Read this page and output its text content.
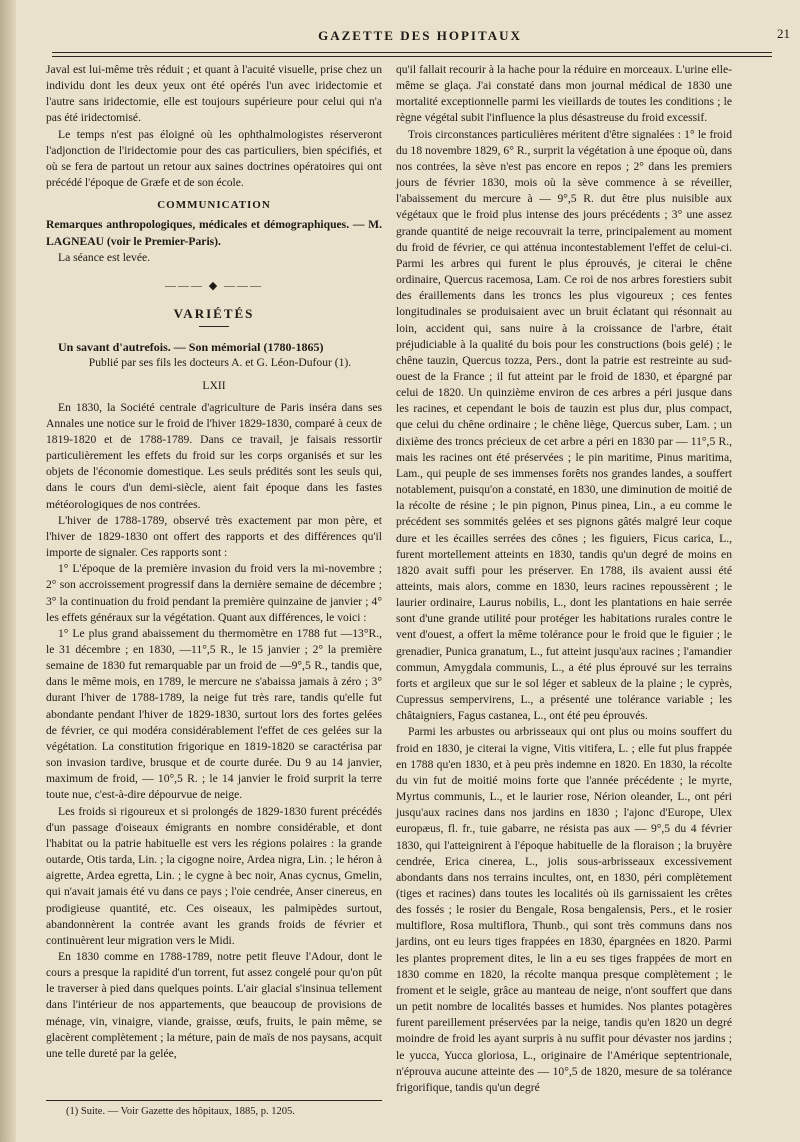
GAZETTE DES HOPITAUX	21

Javal est lui-même très réduit ; et quant à l'acuité visuelle, prise chez un individu dont les deux yeux ont été opérés l'un avec iridectomie et l'autre sans iridectomie, elle est toujours supérieure pour celui qui n'a pas été iridectomisé.

Le temps n'est pas éloigné où les ophthalmologistes réserveront l'adjonction de l'iridectomie pour des cas particuliers, bien spécifiés, et où se fera de partout un retour aux saines doctrines opératoires qui ont précédé l'époque de Græfe et de son école.

COMMUNICATION

Remarques anthropologiques, médicales et démographiques. — M. LAGNEAU (voir le Premier-Paris).

La séance est levée.

——— ◆ ———
VARIÉTÉS

Un savant d'autrefois. — Son mémorial (1780-1865)

Publié par ses fils les docteurs A. et G. Léon-Dufour (1).

LXII

En 1830, la Société centrale d'agriculture de Paris inséra dans ses Annales une notice sur le froid de l'hiver 1829-1830, comparé à ceux de 1819-1820 et de 1788-1789. Dans ce travail, je faisais ressortir particulièrement les effets du froid sur les corps organisés et sur les objets de l'économie domestique. Les seuls prédités sont les seuls qui, dans le cours d'un demi-siècle, aient fait époque dans les fastes météorologiques de nos contrées.

L'hiver de 1788-1789, observé très exactement par mon père, et l'hiver de 1829-1830 ont offert des rapports et des différences qu'il importe de signaler. Ces rapports sont :

1° L'époque de la première invasion du froid vers la mi-novembre ; 2° son accroissement progressif dans la dernière semaine de décembre ; 3° la continuation du froid pendant la première quinzaine de janvier ; 4° les effets généraux sur la végétation. Quant aux différences, le voici :

1° Le plus grand abaissement du thermomètre en 1788 fut —13°R., le 31 décembre ; en 1830, —11°,5 R., le 15 janvier ; 2° la première semaine de 1830 fut remarquable par un froid de —9°,5 R., tandis que, dans le même mois, en 1789, le mercure ne s'abaissa jamais à zéro ; 3° durant l'hiver de 1788-1789, la neige fut très rare, tandis qu'elle fut abondante pendant l'hiver de 1829-1830, surtout lors des fortes gelées de février, ce qui modéra considérablement l'effet de ces gelées sur la végétation. La constitution frigorique en 1819-1820 se caractérisa par son invasion tardive, brusque et de courte durée. Du 9 au 14 janvier, maximum de froid, — 10°,5 R. ; le 14 janvier le froid surprit la terre toute nue, c'est-à-dire dépourvue de neige.

Les froids si rigoureux et si prolongés de 1829-1830 furent précédés d'un passage d'oiseaux émigrants en nombre considérable, et dont l'habitat ou la patrie habituelle est vers les régions polaires : la grande outarde, Otis tarda, Lin. ; la cigogne noire, Ardea nigra, Lin. ; le héron à aigrette, Ardea egretta, Lin. ; le cygne à bec noir, Anas cycnus, Gmelin, qui n'avait jamais été vu dans ce pays ; l'oie cendrée, Anser cinereus, en prodigieuse quantité, etc. Ces oiseaux, les palmipèdes surtout, abandonnèrent la contrée avant les grands froids de février et continuèrent leur migration vers le Midi.

En 1830 comme en 1788-1789, notre petit fleuve l'Adour, dont le cours a presque la rapidité d'un torrent, fut assez congelé pour qu'on pût le traverser à pied dans quelques points. L'air glacial s'insinua tellement dans l'intérieur de nos appartements, que beaucoup de provisions de ménage, vin, vinaigre, viande, graisse, œufs, fruits, le pain même, se glacèrent complètement ; la méture, pain de maïs de nos paysans, acquit une telle dureté par la gelée,

(1) Suite. — Voir Gazette des hôpitaux, 1885, p. 1205.

qu'il fallait recourir à la hache pour la réduire en morceaux. L'urine elle-même se glaça. J'ai constaté dans mon journal médical de 1830 une mortalité exceptionnelle parmi les vieillards de toutes les conditions ; le règne végétal subit l'influence la plus désastreuse du froid excessif.

Trois circonstances particulières méritent d'être signalées : 1° le froid du 18 novembre 1829, 6° R., surprit la végétation à une époque où, dans nos contrées, la sève n'est pas encore en repos ; 2° dans les premiers jours de février 1830, mois où la sève commence à se réveiller, l'abaissement du mercure à — 9°,5 R. dut être plus nuisible aux végétaux que le froid plus intense des jours précédents ; 3° une assez grande quantité de neige recouvrait la terre, principalement au moment du froid de février, ce qui atténua incontestablement l'effet de celui-ci. Parmi les arbres qui furent le plus éprouvés, je citerai le chêne ordinaire, Quercus racemosa, Lam. Ce roi de nos arbres forestiers subit des éraillements dans les troncs les plus vigoureux ; ces fentes longitudinales se produisaient avec un bruit éclatant qui résonnait au loin, accident qui, sans nuire à la croissance de l'arbre, était préjudiciable à la qualité du bois pour les constructions (bois gelé) ; le chêne tauzin, Quercus tozza, Pers., dont la patrie est restreinte au sud-ouest de la France ; il fut atteint par le froid de 1830, et épargné par celui de 1820. Un quinzième environ de ces arbres a péri jusque dans les racines, et cependant le bois de tauzin est plus dur, plus compact, que celui du chêne ordinaire ; le chêne liège, Quercus suber, Lam. ; un dixième des troncs précieux de cet arbre a péri en 1830 par — 11°,5 R., mais les racines ont été préservées ; le pin maritime, Pinus maritima, Lam., qui peuple de ses immenses forêts nos grandes landes, a souffert notablement, puisqu'on a constaté, en 1830, une diminution de moitié de la récolte de résine ; le pin pignon, Pinus pinea, Lin., a eu comme le précédent ses sommités gelées et ses pignons gâtés malgré leur coque dure et les écailles serrées des cônes ; les figuiers, Ficus carica, L., furent mortellement atteints en 1830, tandis qu'un degré de moins en 1820 avait suffi pour les préserver. En 1788, ils avaient aussi été atteints, mais alors, comme en 1830, leurs racines repoussèrent ; le laurier ordinaire, Laurus nobilis, L., dont les plantations en haie serrée sont d'une grande utilité pour protéger les habitations rurales contre le vent d'ouest, a offert la même tolérance pour le froid que le figuier ; le grenadier, Punica granatum, L., fut atteint jusqu'aux racines ; l'amandier commun, Amygdala communis, L., a été plus éprouvé sur les terrains forts et argileux que sur le sol léger et sableux de la plaine ; le cyprès, Cupressus sempervirens, L., a présenté une tolérance variable ; les châtaigniers, Fagus castanea, L., ont été peu éprouvés.

Parmi les arbustes ou arbrisseaux qui ont plus ou moins souffert du froid en 1830, je citerai la vigne, Vitis vitifera, L. ; elle fut plus frappée en 1788 qu'en 1830, et à peu près indemne en 1820. En 1830, la récolte du vin fut de moitié moins forte que l'année précédente ; le myrte, Myrtus communis, L., et le laurier rose, Nérion oleander, L., ont péri jusqu'aux racines dans nos jardins en 1830 ; l'ajonc d'Europe, Ulex europæus, fl. fr., tuie gabarre, ne résista pas aux — 9°,5 du 4 février 1830, qui l'atteignirent à l'époque habituelle de la floraison ; la bruyère cendrée, Erica cinerea, L., jolis sous-arbrisseaux excessivement abondants dans nos terrains incultes, ont, en 1830, péri complètement (tiges et racines) dans toutes les localités où ils garnissaient les crêtes des fossés ; le rosier du Bengale, Rosa bengalensis, Pers., et le rosier multiflore, Rosa multiflora, Thunb., qui sont très communs dans nos jardins, ont eu leurs tiges frappées en 1830, épargnées en 1820. Parmi les plantes proprement dites, le lin a eu ses tiges frappées de mort en 1830 comme en 1820, la récolte manqua presque complètement ; le froment et le seigle, grâce au manteau de neige, n'ont souffert que dans un petit nombre de localités basses et humides. Nos plantes potagères furent pareillement préservées par la neige, tandis qu'en 1820 un degré moindre de froid les ayant surpris à nu suffit pour dévaster nos jardins ; le yucca, Yucca gloriosa, L., originaire de l'Amérique septentrionale, n'éprouva aucune atteinte des — 10°,5 de 1820, mesure de sa tolérance frigorifique, tandis qu'un degré
